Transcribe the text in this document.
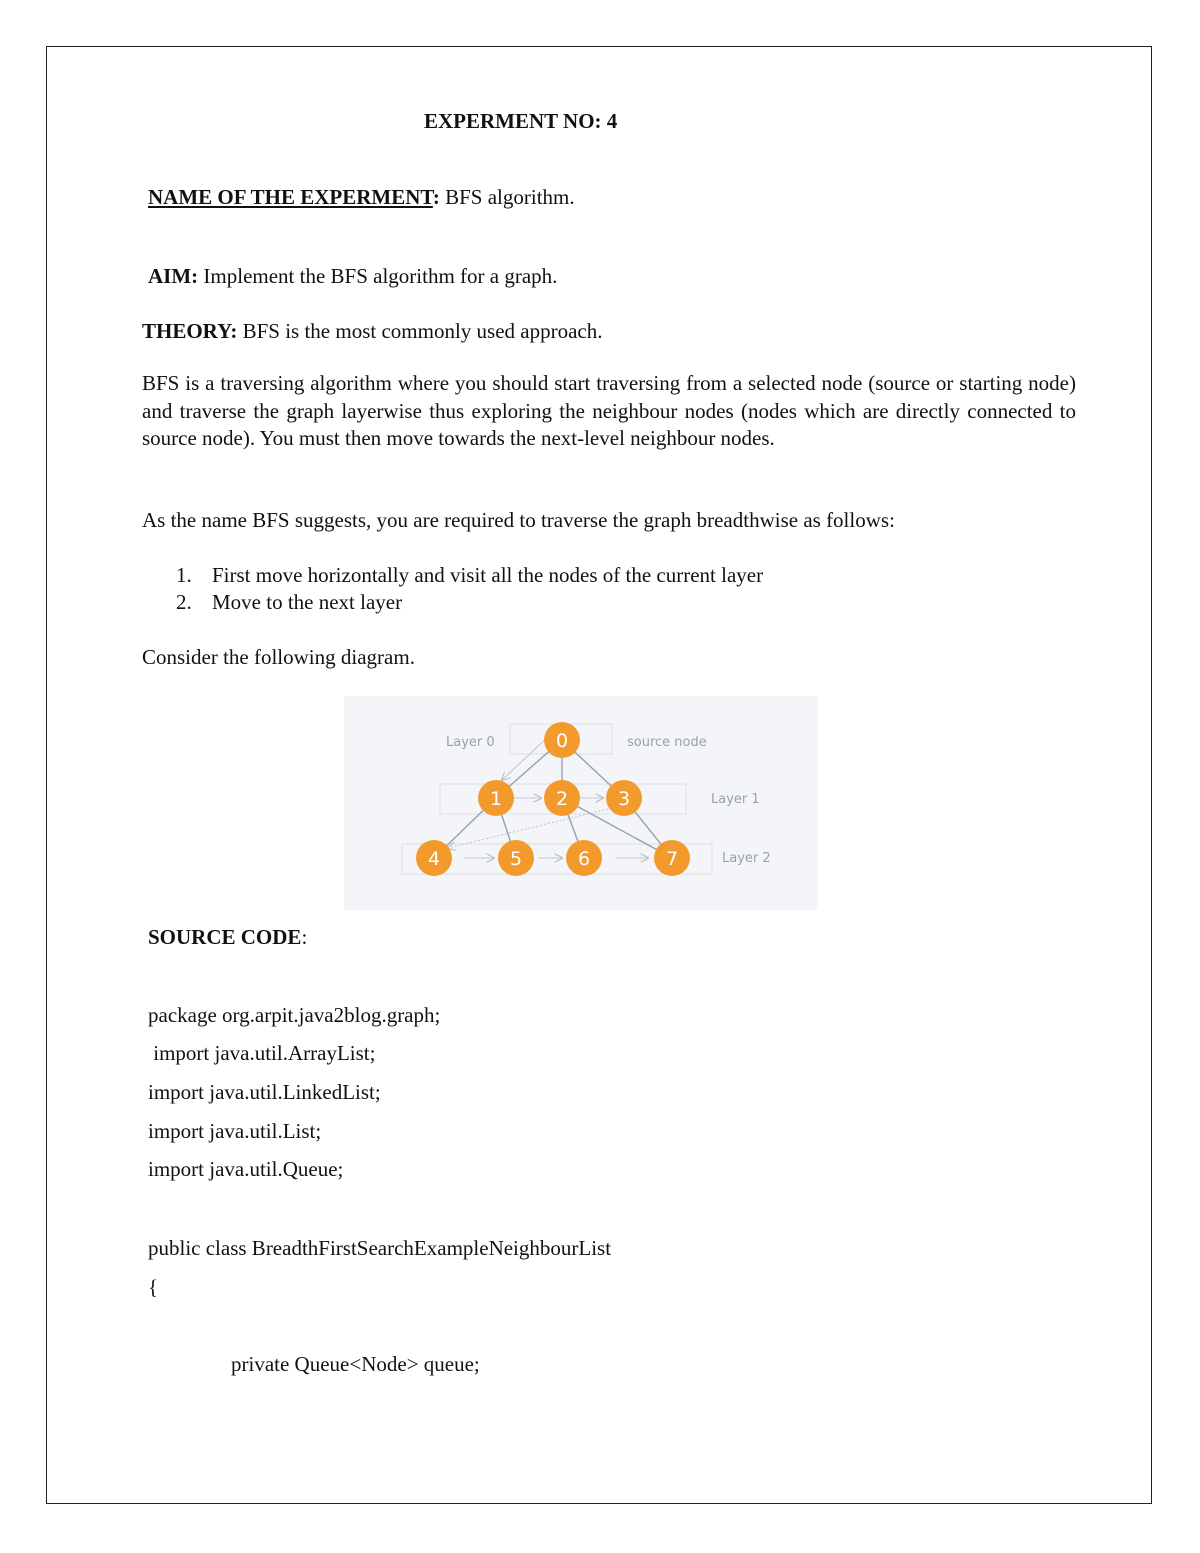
EXPERMENT NO: 4
NAME OF THE EXPERMENT: BFS algorithm.
AIM: Implement the BFS algorithm for a graph.
THEORY: BFS is the most commonly used approach.
BFS is a traversing algorithm where you should start traversing from a selected node (source or starting node) and traverse the graph layerwise thus exploring the neighbour nodes (nodes which are directly connected to source node). You must then move towards the next-level neighbour nodes.
As the name BFS suggests, you are required to traverse the graph breadthwise as follows:
1. First move horizontally and visit all the nodes of the current layer
2. Move to the next layer
Consider the following diagram.
0
1	2	3
4	5	6	7
Layer 0	source node
Layer 1
Layer 2
SOURCE CODE:
package org.arpit.java2blog.graph;
import java.util.ArrayList;
import java.util.LinkedList;
import java.util.List;
import java.util.Queue;
public class BreadthFirstSearchExampleNeighbourList
{
private Queue<Node> queue;
